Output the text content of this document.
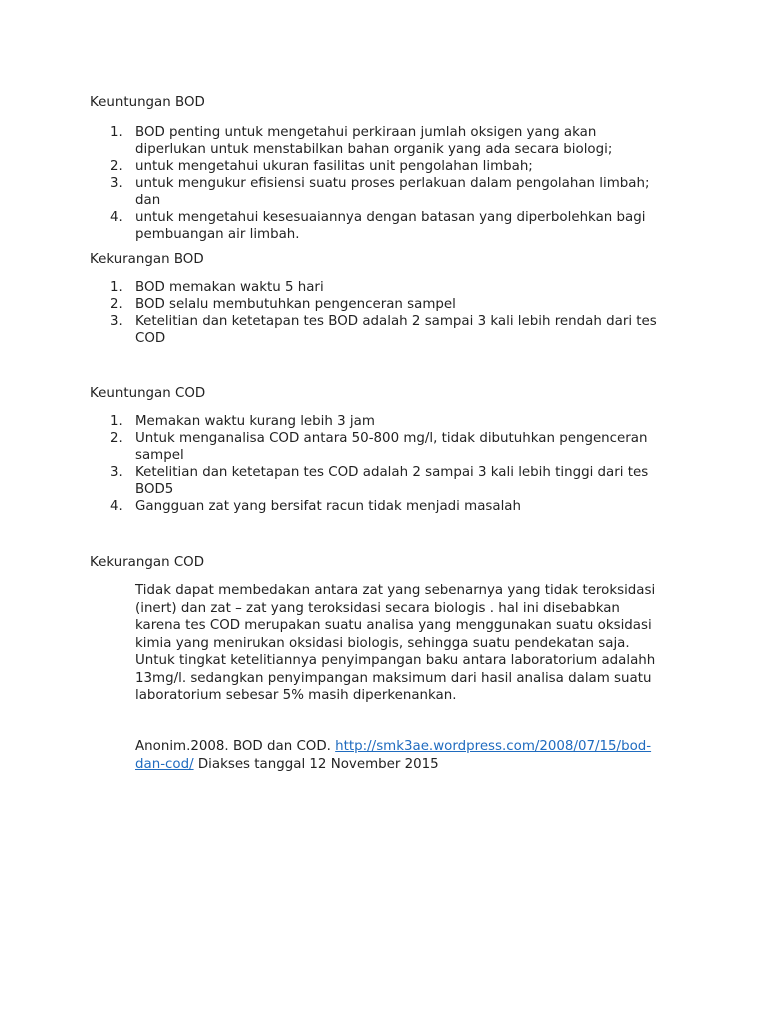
Keuntungan BOD
1. BOD penting untuk mengetahui perkiraan jumlah oksigen yang akan
diperlukan untuk menstabilkan bahan organik yang ada secara biologi;
2. untuk mengetahui ukuran fasilitas unit pengolahan limbah;
3. untuk mengukur efisiensi suatu proses perlakuan dalam pengolahan limbah;
dan
4. untuk mengetahui kesesuaiannya dengan batasan yang diperbolehkan bagi
pembuangan air limbah.
Kekurangan BOD
1. BOD memakan waktu 5 hari
2. BOD selalu membutuhkan pengenceran sampel
3. Ketelitian dan ketetapan tes BOD adalah 2 sampai 3 kali lebih rendah dari tes
COD
Keuntungan COD
1. Memakan waktu kurang lebih 3 jam
2. Untuk menganalisa COD antara 50-800 mg/l, tidak dibutuhkan pengenceran
sampel
3. Ketelitian dan ketetapan tes COD adalah 2 sampai 3 kali lebih tinggi dari tes
BOD5
4. Gangguan zat yang bersifat racun tidak menjadi masalah
Kekurangan COD
Tidak dapat membedakan antara zat yang sebenarnya yang tidak teroksidasi
(inert) dan zat – zat yang teroksidasi secara biologis . hal ini disebabkan
karena tes COD merupakan suatu analisa yang menggunakan suatu oksidasi
kimia yang menirukan oksidasi biologis, sehingga suatu pendekatan saja.
Untuk tingkat ketelitiannya penyimpangan baku antara laboratorium adalahh
13mg/l. sedangkan penyimpangan maksimum dari hasil analisa dalam suatu
laboratorium sebesar 5% masih diperkenankan.
Anonim.2008. BOD dan COD. http://smk3ae.wordpress.com/2008/07/15/bod-
dan-cod/ Diakses tanggal 12 November 2015
